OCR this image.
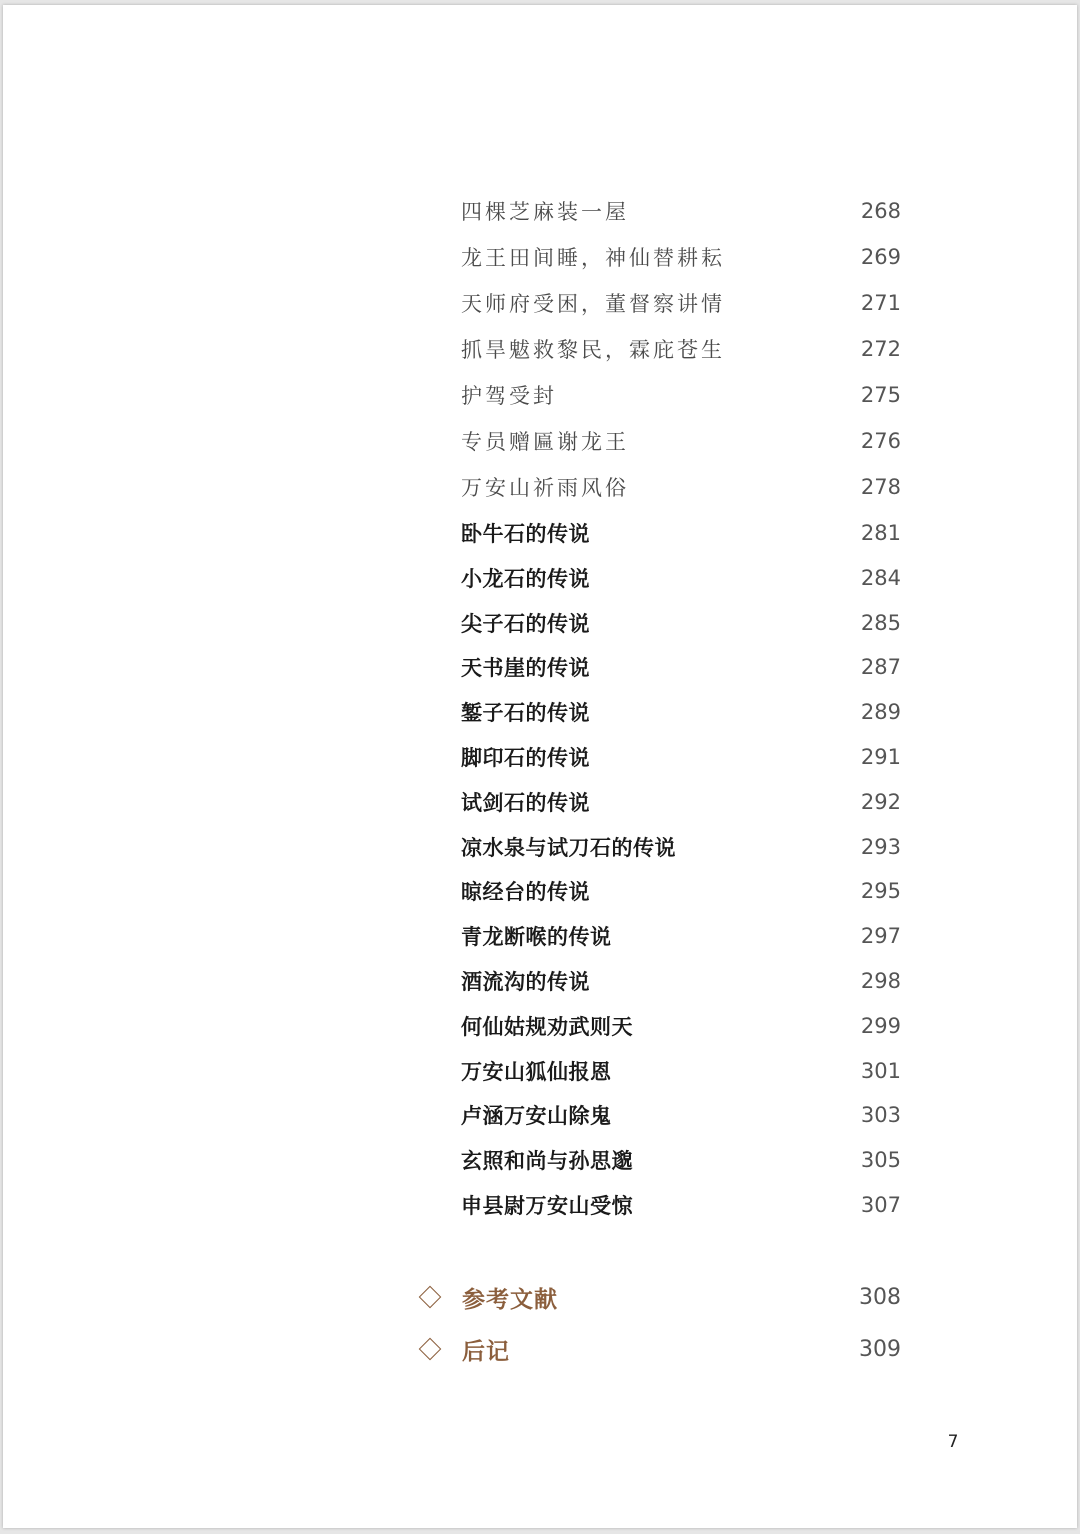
四棵芝麻装一屋	268
龙王田间睡，神仙替耕耘	269
天师府受困，董督察讲情	271
抓旱魃救黎民，霖庇苍生	272
护驾受封	275
专员赠匾谢龙王	276
万安山祈雨风俗	278
卧牛石的传说	281
小龙石的传说	284
尖子石的传说	285
天书崖的传说	287
錾子石的传说	289
脚印石的传说	291
试剑石的传说	292
凉水泉与试刀石的传说	293
晾经台的传说	295
青龙断喉的传说	297
酒流沟的传说	298
何仙姑规劝武则天	299
万安山狐仙报恩	301
卢涵万安山除鬼	303
玄照和尚与孙思邈	305
申县尉万安山受惊	307
参考文献	308
后记	309
7
